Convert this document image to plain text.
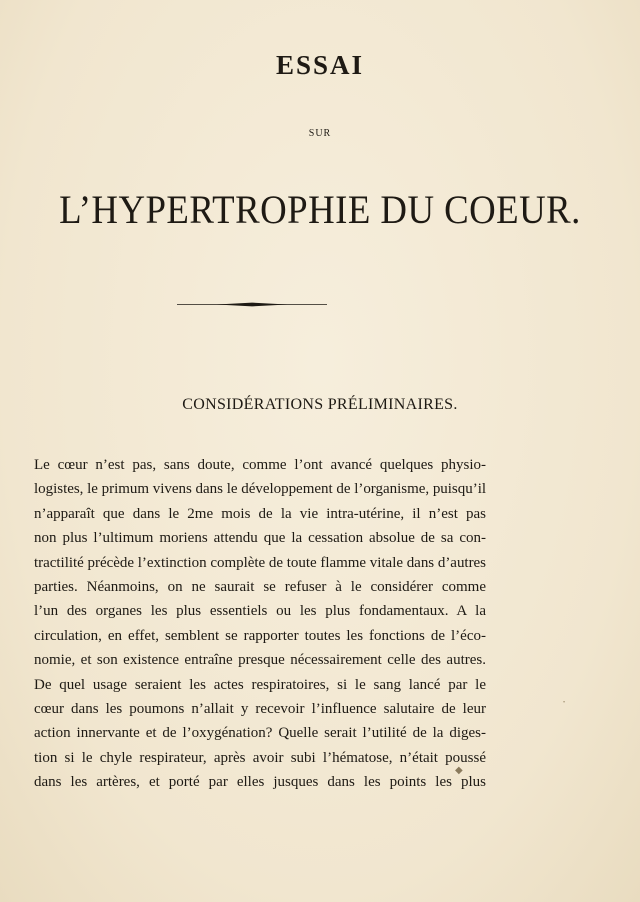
ESSAI
SUR
L’HYPERTROPHIE DU COEUR.
CONSIDÉRATIONS PRÉLIMINAIRES.
Le cœur n’est pas, sans doute, comme l’ont avancé quelques physio-
logistes, le primum vivens dans le développement de l’organisme, puisqu’il
n’apparaît que dans le 2me mois de la vie intra-utérine, il n’est pas
non plus l’ultimum moriens attendu que la cessation absolue de sa con-
tractilité précède l’extinction complète de toute flamme vitale dans d’autres
parties. Néanmoins, on ne saurait se refuser à le considérer comme
l’un des organes les plus essentiels ou les plus fondamentaux. A la
circulation, en effet, semblent se rapporter toutes les fonctions de l’éco-
nomie, et son existence entraîne presque nécessairement celle des autres.
De quel usage seraient les actes respiratoires, si le sang lancé par le
cœur dans les poumons n’allait y recevoir l’influence salutaire de leur
action innervante et de l’oxygénation? Quelle serait l’utilité de la diges-
tion si le chyle respirateur, après avoir subi l’hématose, n’était poussé
dans les artères, et porté par elles jusques dans les points les plus
◆
•
